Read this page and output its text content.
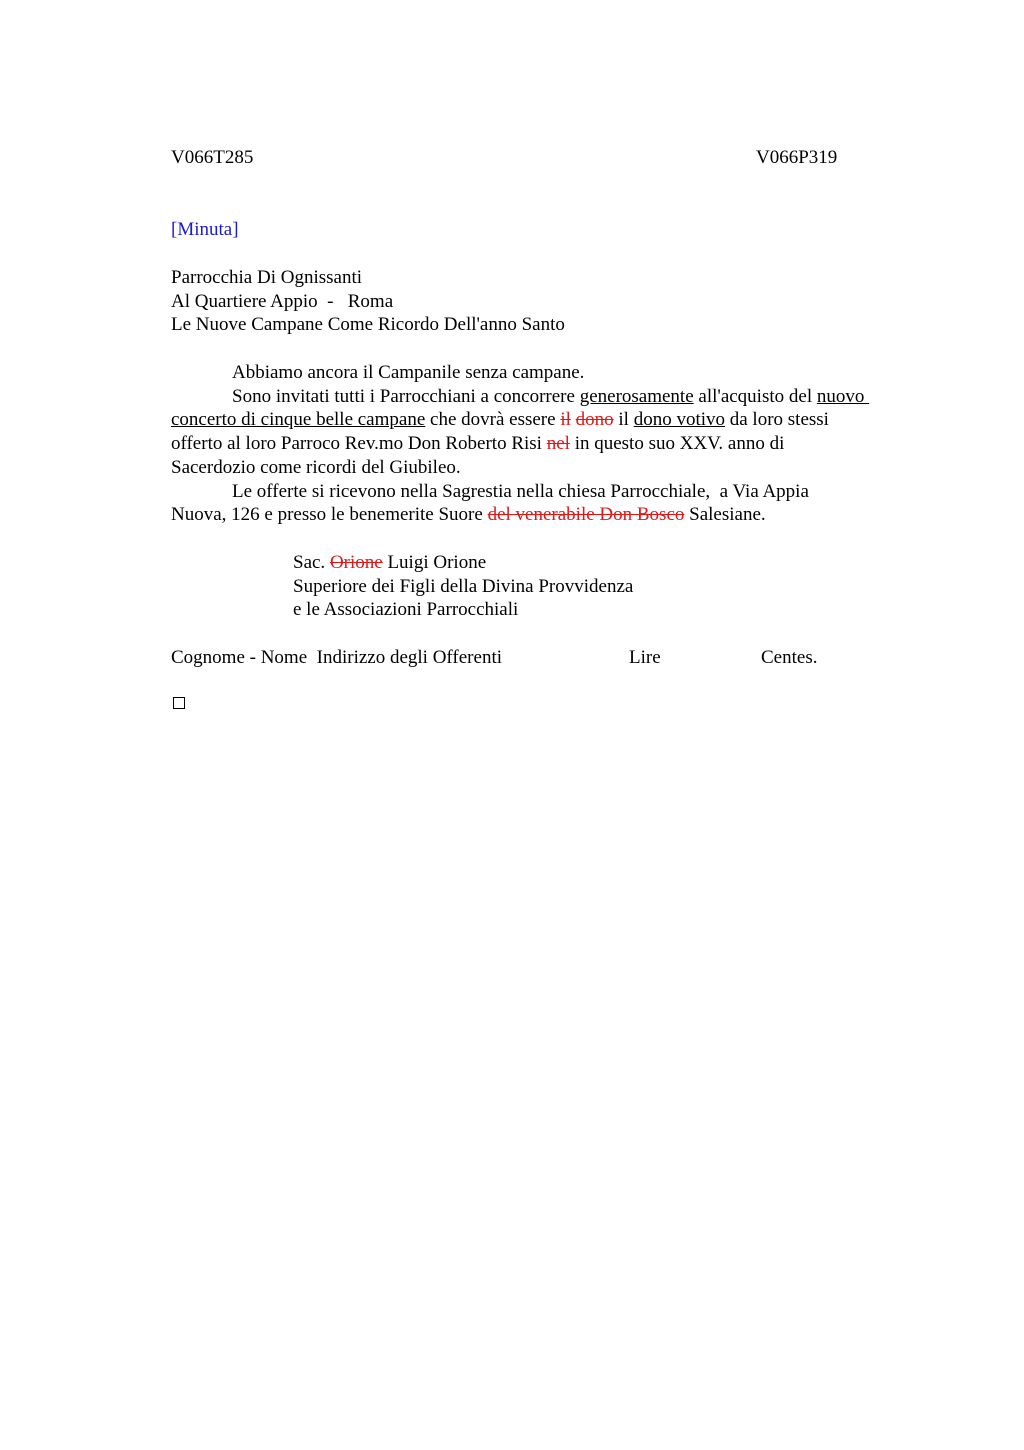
V066T285	V066P319
[Minuta]
Parrocchia Di Ognissanti
Al Quartiere Appio  -   Roma
Le Nuove Campane Come Ricordo Dell'anno Santo
Abbiamo ancora il Campanile senza campane.
Sono invitati tutti i Parrocchiani a concorrere generosamente all'acquisto del nuovo
concerto di cinque belle campane che dovrà essere il dono il dono votivo da loro stessi
offerto al loro Parroco Rev.mo Don Roberto Risi nel in questo suo XXV. anno di
Sacerdozio come ricordi del Giubileo.
Le offerte si ricevono nella Sagrestia nella chiesa Parrocchiale,  a Via Appia
Nuova, 126 e presso le benemerite Suore del venerabile Don Bosco Salesiane.
Sac. Orione Luigi Orione
Superiore dei Figli della Divina Provvidenza
e le Associazioni Parrocchiali
Cognome - Nome  Indirizzo degli Offerenti	Lire	Centes.
